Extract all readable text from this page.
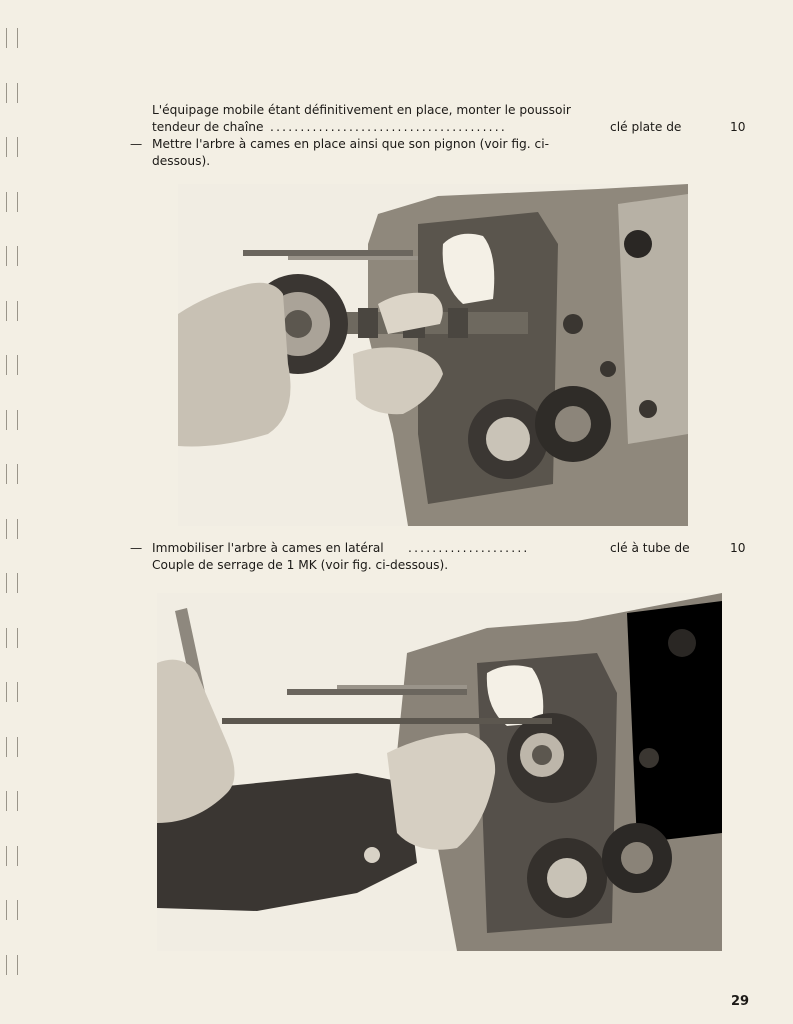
L'équipage mobile étant définitivement en place, monter le poussoir
tendeur de chaîne .......................................	clé plate de	10
— Mettre l'arbre à cames en place ainsi que son pignon (voir fig. ci-
dessous).
— Immobiliser l'arbre à cames en latéral ....................	clé à tube de	10
Couple de serrage de 1 MK (voir fig. ci-dessous).
29
